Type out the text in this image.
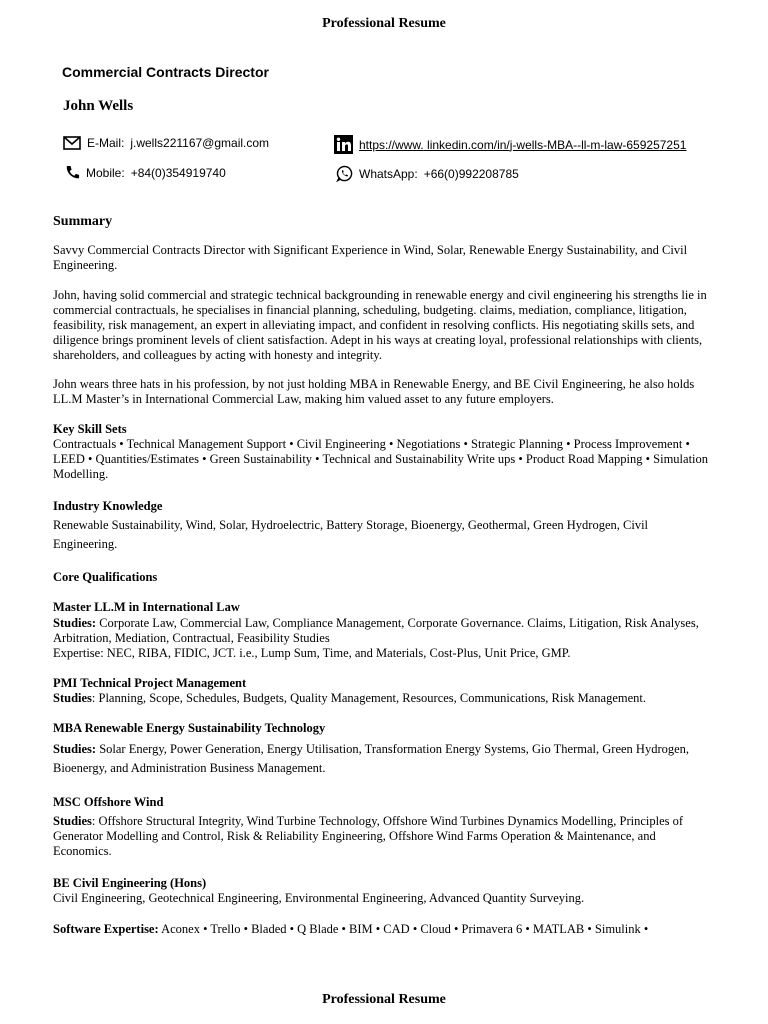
Professional Resume
Commercial Contracts Director
John Wells
E-Mail: j.wells221167@gmail.com
Mobile: +84(0)354919740
https://www. linkedin.com/in/j-wells-MBA--ll-m-law-659257251
WhatsApp: +66(0)992208785
Summary

Savvy Commercial Contracts Director with Significant Experience in Wind, Solar, Renewable Energy Sustainability, and Civil Engineering.

John, having solid commercial and strategic technical backgrounding in renewable energy and civil engineering his strengths lie in commercial contractuals, he specialises in financial planning, scheduling, budgeting. claims, mediation, compliance, litigation, feasibility, risk management, an expert in alleviating impact, and confident in resolving conflicts. His negotiating skills sets, and diligence brings prominent levels of client satisfaction. Adept in his ways at creating loyal, professional relationships with clients, shareholders, and colleagues by acting with honesty and integrity.

John wears three hats in his profession, by not just holding MBA in Renewable Energy, and BE Civil Engineering, he also holds LL.M Master’s in International Commercial Law, making him valued asset to any future employers.

Key Skill Sets

Contractuals • Technical Management Support • Civil Engineering • Negotiations • Strategic Planning • Process Improvement • LEED • Quantities/Estimates • Green Sustainability • Technical and Sustainability Write ups • Product Road Mapping • Simulation Modelling.

Industry Knowledge

Renewable Sustainability, Wind, Solar, Hydroelectric, Battery Storage, Bioenergy, Geothermal, Green Hydrogen, Civil Engineering.

Core Qualifications
Master LL.M in International Law

Studies: Corporate Law, Commercial Law, Compliance Management, Corporate Governance. Claims, Litigation, Risk Analyses, Arbitration, Mediation, Contractual, Feasibility Studies

Expertise: NEC, RIBA, FIDIC, JCT. i.e., Lump Sum, Time, and Materials, Cost-Plus, Unit Price, GMP.

PMI Technical Project Management

Studies: Planning, Scope, Schedules, Budgets, Quality Management, Resources, Communications, Risk Management.

MBA Renewable Energy Sustainability Technology

Studies: Solar Energy, Power Generation, Energy Utilisation, Transformation Energy Systems, Gio Thermal, Green Hydrogen, Bioenergy, and Administration Business Management.

MSC Offshore Wind

Studies: Offshore Structural Integrity, Wind Turbine Technology, Offshore Wind Turbines Dynamics Modelling, Principles of Generator Modelling and Control, Risk & Reliability Engineering, Offshore Wind Farms Operation & Maintenance, and Economics.

BE Civil Engineering (Hons)

Civil Engineering, Geotechnical Engineering, Environmental Engineering, Advanced Quantity Surveying.

Software Expertise: Aconex • Trello • Bladed • Q Blade • BIM • CAD • Cloud • Primavera 6 • MATLAB • Simulink •

Professional Resume
